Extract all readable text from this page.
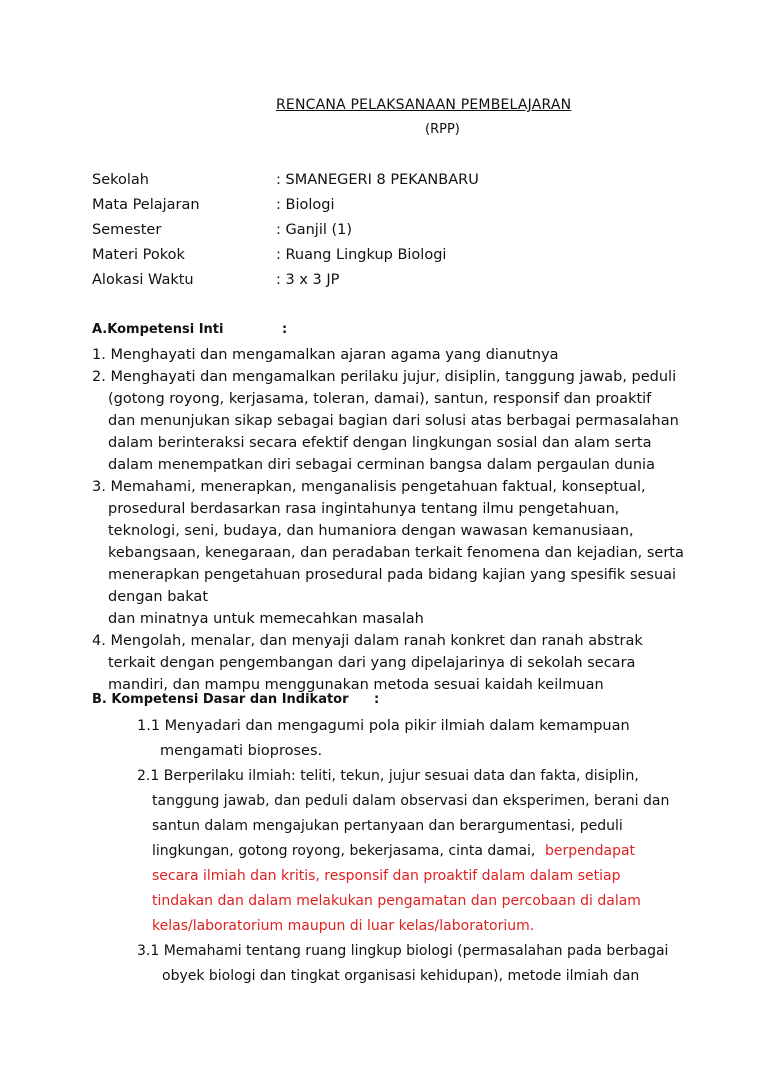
RENCANA PELAKSANAAN PEMBELAJARAN
(RPP)
Sekolah	: SMANEGERI 8 PEKANBARU
Mata Pelajaran	: Biologi
Semester	: Ganjil (1)
Materi Pokok	: Ruang Lingkup Biologi
Alokasi Waktu	: 3 x 3 JP
A.Kompetensi Inti	:
1. Menghayati dan mengamalkan ajaran agama yang dianutnya
2. Menghayati dan mengamalkan perilaku jujur, disiplin, tanggung jawab, peduli
(gotong royong, kerjasama, toleran, damai), santun, responsif dan proaktif
dan menunjukan sikap sebagai bagian dari solusi atas berbagai permasalahan
dalam berinteraksi secara efektif dengan lingkungan sosial dan alam serta
dalam menempatkan diri sebagai cerminan bangsa dalam pergaulan dunia
3. Memahami, menerapkan, menganalisis pengetahuan faktual, konseptual,
prosedural berdasarkan rasa ingintahunya tentang ilmu pengetahuan,
teknologi, seni, budaya, dan humaniora dengan wawasan kemanusiaan,
kebangsaan, kenegaraan, dan peradaban terkait fenomena dan kejadian, serta
menerapkan pengetahuan prosedural pada bidang kajian yang spesifik sesuai
dengan bakat
dan minatnya untuk memecahkan masalah
4. Mengolah, menalar, dan menyaji dalam ranah konkret dan ranah abstrak
terkait dengan pengembangan dari yang dipelajarinya di sekolah secara
mandiri, dan mampu menggunakan metoda sesuai kaidah keilmuan
B. Kompetensi Dasar dan Indikator :
1.1 Menyadari dan mengagumi pola pikir ilmiah dalam kemampuan
mengamati bioproses.
2.1 Berperilaku ilmiah: teliti, tekun, jujur sesuai data dan fakta, disiplin,
tanggung jawab, dan peduli dalam observasi dan eksperimen, berani dan
santun dalam mengajukan pertanyaan dan berargumentasi, peduli
lingkungan, gotong royong, bekerjasama, cinta damai, berpendapat
secara ilmiah dan kritis, responsif dan proaktif dalam dalam setiap
tindakan dan dalam melakukan pengamatan dan percobaan di dalam
kelas/laboratorium maupun di luar kelas/laboratorium.
3.1 Memahami tentang ruang lingkup biologi (permasalahan pada berbagai
obyek biologi dan tingkat organisasi kehidupan), metode ilmiah dan
